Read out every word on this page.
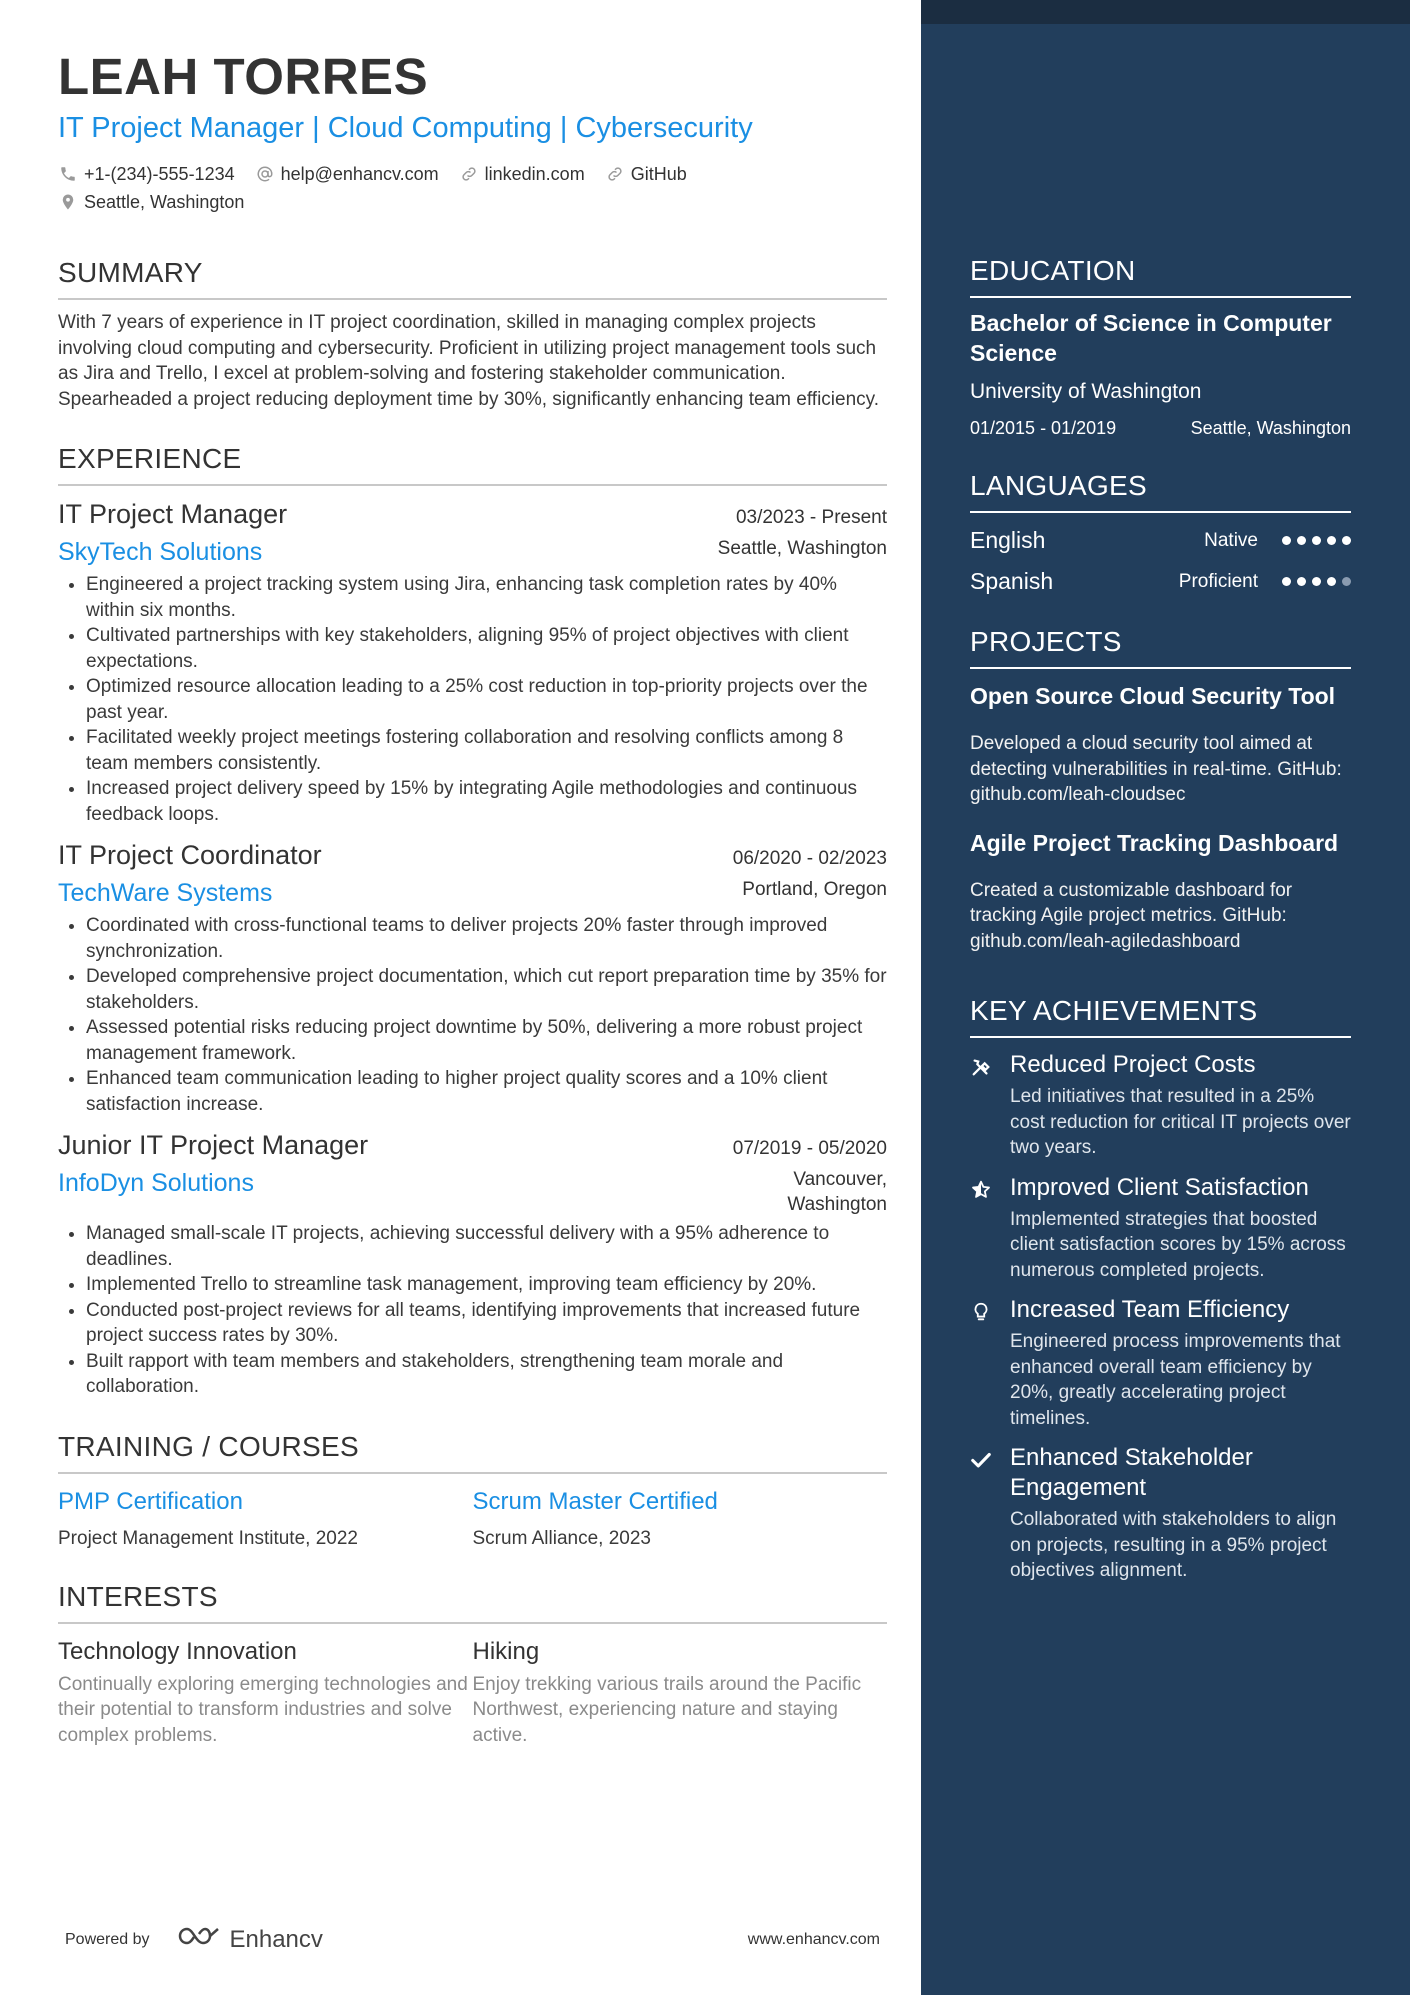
LEAH TORRES
IT Project Manager | Cloud Computing | Cybersecurity
+1-(234)-555-1234	help@enhancv.com	linkedin.com	GitHub
Seattle, Washington
SUMMARY
With 7 years of experience in IT project coordination, skilled in managing complex projects involving cloud computing and cybersecurity. Proficient in utilizing project management tools such as Jira and Trello, I excel at problem-solving and fostering stakeholder communication. Spearheaded a project reducing deployment time by 30%, significantly enhancing team efficiency.
EXPERIENCE
IT Project Manager	03/2023 - Present
SkyTech Solutions	Seattle, Washington
• Engineered a project tracking system using Jira, enhancing task completion rates by 40% within six months.
• Cultivated partnerships with key stakeholders, aligning 95% of project objectives with client expectations.
• Optimized resource allocation leading to a 25% cost reduction in top-priority projects over the past year.
• Facilitated weekly project meetings fostering collaboration and resolving conflicts among 8 team members consistently.
• Increased project delivery speed by 15% by integrating Agile methodologies and continuous feedback loops.
IT Project Coordinator	06/2020 - 02/2023
TechWare Systems	Portland, Oregon
• Coordinated with cross-functional teams to deliver projects 20% faster through improved synchronization.
• Developed comprehensive project documentation, which cut report preparation time by 35% for stakeholders.
• Assessed potential risks reducing project downtime by 50%, delivering a more robust project management framework.
• Enhanced team communication leading to higher project quality scores and a 10% client satisfaction increase.
Junior IT Project Manager	07/2019 - 05/2020
InfoDyn Solutions	Vancouver,
Washington
• Managed small-scale IT projects, achieving successful delivery with a 95% adherence to deadlines.
• Implemented Trello to streamline task management, improving team efficiency by 20%.
• Conducted post-project reviews for all teams, identifying improvements that increased future project success rates by 30%.
• Built rapport with team members and stakeholders, strengthening team morale and collaboration.
TRAINING / COURSES
PMP Certification
Project Management Institute, 2022
Scrum Master Certified
Scrum Alliance, 2023
INTERESTS
Technology Innovation
Continually exploring emerging technologies and their potential to transform industries and solve complex problems.
Hiking
Enjoy trekking various trails around the Pacific Northwest, experiencing nature and staying active.
Powered by	Enhancv	www.enhancv.com
EDUCATION
Bachelor of Science in Computer Science
University of Washington
01/2015 - 01/2019	Seattle, Washington
LANGUAGES
English	Native
Spanish	Proficient
PROJECTS
Open Source Cloud Security Tool
Developed a cloud security tool aimed at detecting vulnerabilities in real-time. GitHub: github.com/leah-cloudsec
Agile Project Tracking Dashboard
Created a customizable dashboard for tracking Agile project metrics. GitHub: github.com/leah-agiledashboard
KEY ACHIEVEMENTS
Reduced Project Costs
Led initiatives that resulted in a 25% cost reduction for critical IT projects over two years.
Improved Client Satisfaction
Implemented strategies that boosted client satisfaction scores by 15% across numerous completed projects.
Increased Team Efficiency
Engineered process improvements that enhanced overall team efficiency by 20%, greatly accelerating project timelines.
Enhanced Stakeholder Engagement
Collaborated with stakeholders to align on projects, resulting in a 95% project objectives alignment.
